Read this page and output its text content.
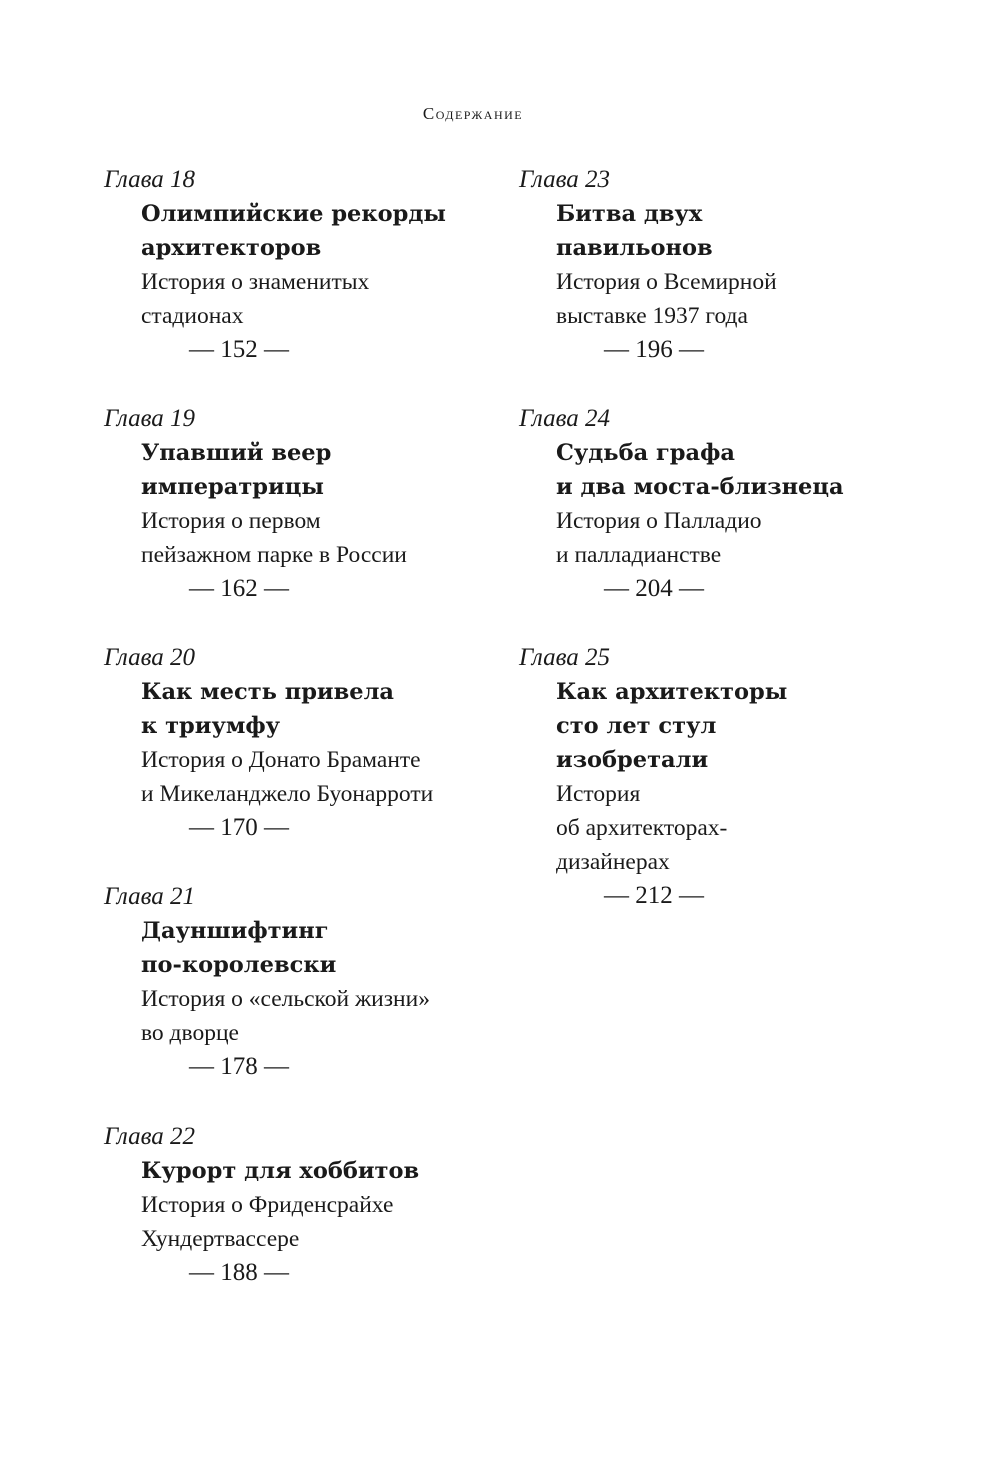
Содержание
Глава 18
Олимпийские рекорды
архитекторов
История о знаменитых
стадионах
— 152 —
Глава 19
Упавший веер
императрицы
История о первом
пейзажном парке в России
— 162 —
Глава 20
Как месть привела
к триумфу
История о Донато Браманте
и Микеланджело Буонарроти
— 170 —
Глава 21
Дауншифтинг
по-королевски
История о «сельской жизни»
во дворце
— 178 —
Глава 22
Курорт для хоббитов
История о Фриденсрайхе
Хундертвассере
— 188 —
Глава 23
Битва двух
павильонов
История о Всемирной
выставке 1937 года
— 196 —
Глава 24
Судьба графа
и два моста-близнеца
История о Палладио
и палладианстве
— 204 —
Глава 25
Как архитекторы
сто лет стул
изобретали
История
об архитекторах-
дизайнерах
— 212 —
